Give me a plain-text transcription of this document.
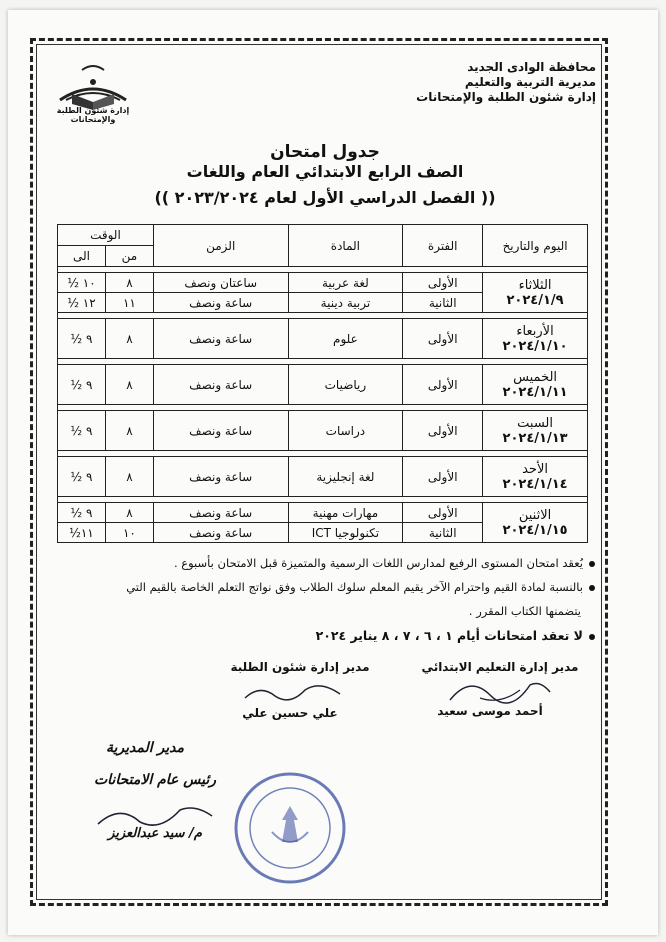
إدارة شئون الطلبة والإمتحانات
محافظة الوادى الجديد
مديرية التربية والتعليم
إدارة شئون الطلبة والإمتحانات
جدول امتحان
الصف الرابع الابتدائي العام واللغات
(( الفصل الدراسي الأول لعام ٢٠٢٣/٢٠٢٤ ))
اليوم والتاريخ	الفترة	المادة	الزمن	الوقت	
				من	الى

الثلاثاء
٢٠٢٤/١/٩	الأولى	لغة عربية	ساعتان ونصف	٨	١٠ ½
	الثانية	تربية دينية	ساعة ونصف	١١	١٢ ½

الأربعاء
٢٠٢٤/١/١٠	الأولى	علوم	ساعة ونصف	٨	٩ ½

الخميس
٢٠٢٤/١/١١	الأولى	رياضيات	ساعة ونصف	٨	٩ ½

السبت
٢٠٢٤/١/١٣	الأولى	دراسات	ساعة ونصف	٨	٩ ½

الأحد
٢٠٢٤/١/١٤	الأولى	لغة إنجليزية	ساعة ونصف	٨	٩ ½

الاثنين
٢٠٢٤/١/١٥	الأولى	مهارات مهنية	ساعة ونصف	٨	٩ ½
	الثانية	تكنولوجيا ICT	ساعة ونصف	١٠	١١½
يُعقد امتحان المستوى الرفيع لمدارس اللغات الرسمية والمتميزة قبل الامتحان بأسبوع .
بالنسبة لمادة القيم واحترام الآخر يقيم المعلم سلوك الطلاب وفق نواتج التعلم الخاصة بالقيم التي
يتضمنها الكتاب المقرر .
لا تعقد امتحانات أيام ١ ، ٦ ، ٧ ، ٨ يناير ٢٠٢٤
مدير إدارة التعليم الابتدائي
أحمد موسى سعيد
مدير إدارة شئون الطلبة
علي حسين علي
مدير المديرية
رئيس عام الامتحانات
م/ سيد عبدالعزيز
